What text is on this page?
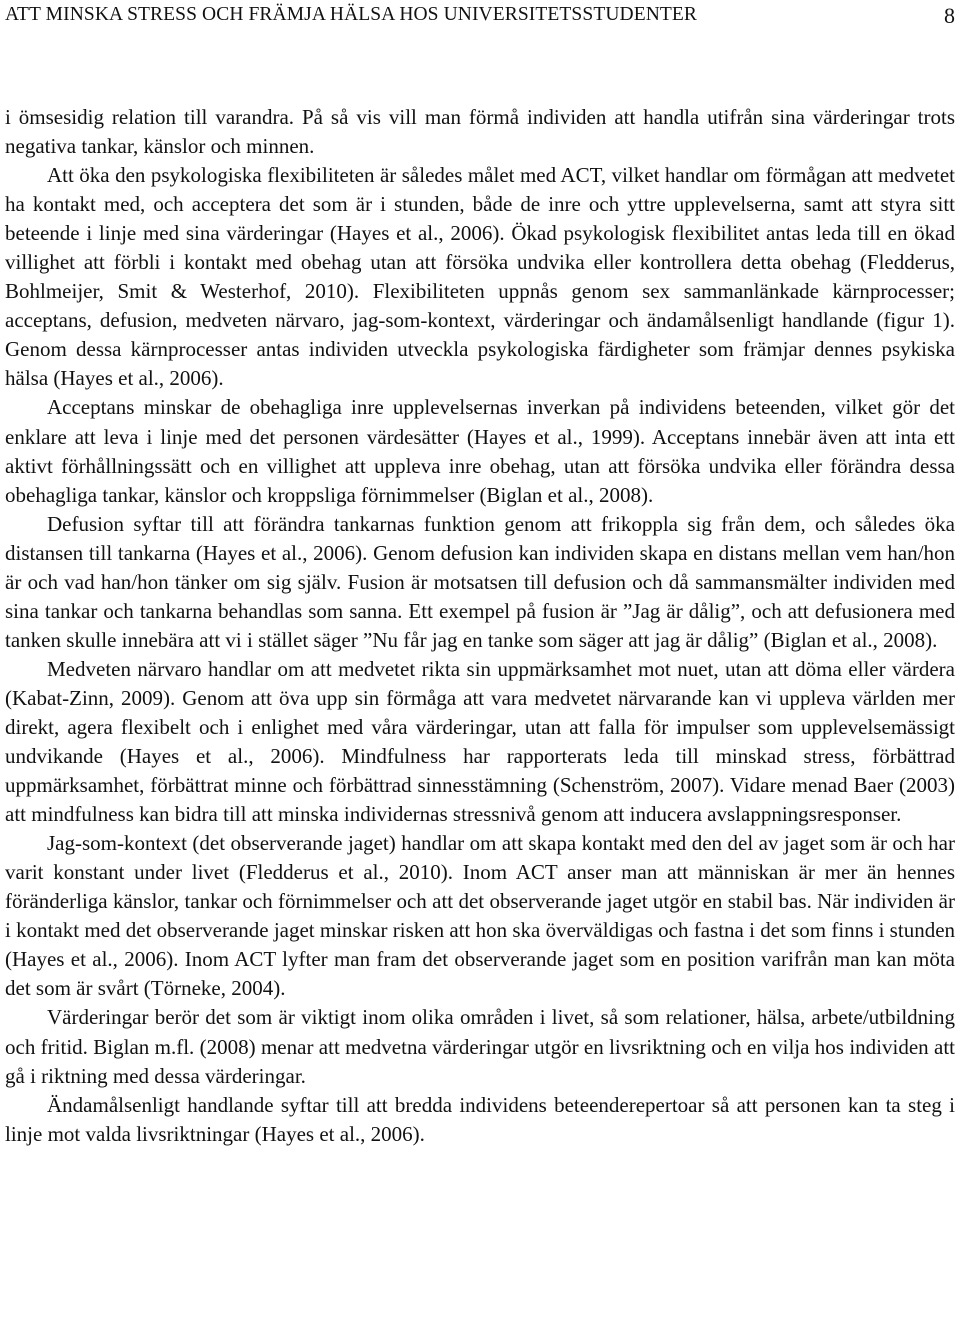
ATT MINSKA STRESS OCH FRÄMJA HÄLSA HOS UNIVERSITETSSTUDENTER	8

i ömsesidig relation till varandra. På så vis vill man förmå individen att handla utifrån sina värderingar trots negativa tankar, känslor och minnen.

Att öka den psykologiska flexibiliteten är således målet med ACT, vilket handlar om förmågan att medvetet ha kontakt med, och acceptera det som är i stunden, både de inre och yttre upplevelserna, samt att styra sitt beteende i linje med sina värderingar (Hayes et al., 2006). Ökad psykologisk flexibilitet antas leda till en ökad villighet att förbli i kontakt med obehag utan att försöka undvika eller kontrollera detta obehag (Fledderus, Bohlmeijer, Smit & Westerhof, 2010). Flexibiliteten uppnås genom sex sammanlänkade kärnprocesser; acceptans, defusion, medveten närvaro, jag-som-kontext, värderingar och ändamålsenligt handlande (figur 1). Genom dessa kärnprocesser antas individen utveckla psykologiska färdigheter som främjar dennes psykiska hälsa (Hayes et al., 2006).

Acceptans minskar de obehagliga inre upplevelsernas inverkan på individens beteenden, vilket gör det enklare att leva i linje med det personen värdesätter (Hayes et al., 1999). Acceptans innebär även att inta ett aktivt förhållningssätt och en villighet att uppleva inre obehag, utan att försöka undvika eller förändra dessa obehagliga tankar, känslor och kroppsliga förnimmelser (Biglan et al., 2008).

Defusion syftar till att förändra tankarnas funktion genom att frikoppla sig från dem, och således öka distansen till tankarna (Hayes et al., 2006). Genom defusion kan individen skapa en distans mellan vem han/hon är och vad han/hon tänker om sig själv. Fusion är motsatsen till defusion och då sammansmälter individen med sina tankar och tankarna behandlas som sanna. Ett exempel på fusion är ”Jag är dålig”, och att defusionera med tanken skulle innebära att vi i stället säger ”Nu får jag en tanke som säger att jag är dålig” (Biglan et al., 2008).

Medveten närvaro handlar om att medvetet rikta sin uppmärksamhet mot nuet, utan att döma eller värdera (Kabat-Zinn, 2009). Genom att öva upp sin förmåga att vara medvetet närvarande kan vi uppleva världen mer direkt, agera flexibelt och i enlighet med våra värderingar, utan att falla för impulser som upplevelsemässigt undvikande (Hayes et al., 2006). Mindfulness har rapporterats leda till minskad stress, förbättrad uppmärksamhet, förbättrat minne och förbättrad sinnesstämning (Schenström, 2007). Vidare menad Baer (2003) att mindfulness kan bidra till att minska individernas stressnivå genom att inducera avslappningsresponser.

Jag-som-kontext (det observerande jaget) handlar om att skapa kontakt med den del av jaget som är och har varit konstant under livet (Fledderus et al., 2010). Inom ACT anser man att människan är mer än hennes föränderliga känslor, tankar och förnimmelser och att det observerande jaget utgör en stabil bas. När individen är i kontakt med det observerande jaget minskar risken att hon ska överväldigas och fastna i det som finns i stunden (Hayes et al., 2006). Inom ACT lyfter man fram det observerande jaget som en position varifrån man kan möta det som är svårt (Törneke, 2004).

Värderingar berör det som är viktigt inom olika områden i livet, så som relationer, hälsa, arbete/utbildning och fritid. Biglan m.fl. (2008) menar att medvetna värderingar utgör en livsriktning och en vilja hos individen att gå i riktning med dessa värderingar.

Ändamålsenligt handlande syftar till att bredda individens beteenderepertoar så att personen kan ta steg i linje mot valda livsriktningar (Hayes et al., 2006).
